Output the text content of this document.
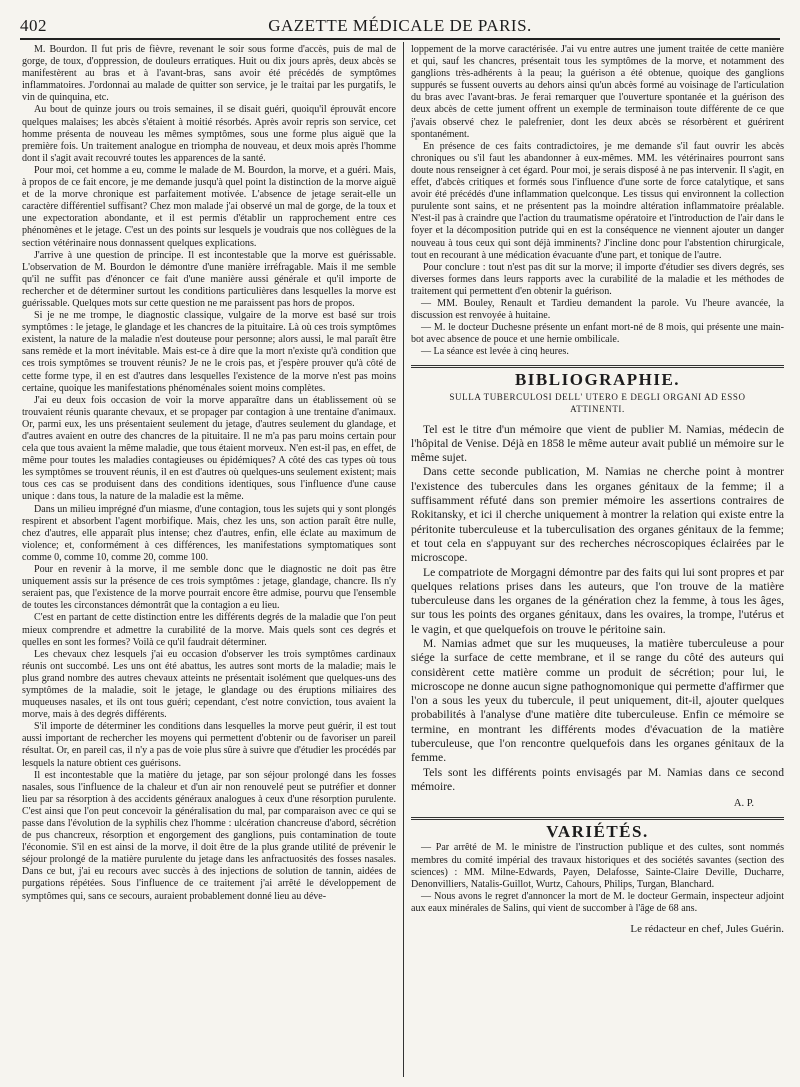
402	GAZETTE MÉDICALE DE PARIS.

M. Bourdon. Il fut pris de fièvre, revenant le soir sous forme d'accès, puis de mal de gorge, de toux, d'oppression, de douleurs erratiques. Huit ou dix jours après, deux abcès se manifestèrent au bras et à l'avant-bras, sans avoir été précédés de symptômes inflammatoires. J'ordonnai au malade de quitter son service, je le traitai par les purgatifs, le vin de quinquina, etc.

Au bout de quinze jours ou trois semaines, il se disait guéri, quoiqu'il éprouvât encore quelques malaises; les abcès s'étaient à moitié résorbés. Après avoir repris son service, cet homme présenta de nouveau les mêmes symptômes, sous une forme plus aiguë que la première fois. Un traitement analogue en triompha de nouveau, et deux mois après l'homme dont il s'agit avait recouvré toutes les apparences de la santé.

Pour moi, cet homme a eu, comme le malade de M. Bourdon, la morve, et a guéri. Mais, à propos de ce fait encore, je me demande jusqu'à quel point la distinction de la morve aiguë et de la morve chronique est parfaitement motivée. L'absence de jetage serait-elle un caractère différentiel suffisant? Chez mon malade j'ai observé un mal de gorge, de la toux et une expectoration abondante, et il est permis d'établir un rapprochement entre ces phénomènes et le jetage. C'est un des points sur lesquels je voudrais que nos collègues de la section vétérinaire nous donnassent quelques explications.

J'arrive à une question de principe. Il est incontestable que la morve est guérissable. L'observation de M. Bourdon le démontre d'une manière irréfragable. Mais il me semble qu'il ne suffit pas d'énoncer ce fait d'une manière aussi générale et qu'il importe de rechercher et de déterminer surtout les conditions particulières dans lesquelles la morve est guérissable. Quelques mots sur cette question ne me paraissent pas hors de propos.

Si je ne me trompe, le diagnostic classique, vulgaire de la morve est basé sur trois symptômes : le jetage, le glandage et les chancres de la pituitaire. Là où ces trois symptômes existent, la nature de la maladie n'est douteuse pour personne; alors aussi, le mal paraît être sans remède et la mort inévitable. Mais est-ce à dire que la mort n'existe qu'à condition que ces trois symptômes se trouvent réunis? Je ne le crois pas, et j'espère prouver qu'à côté de cette forme type, il en est d'autres dans lesquelles l'existence de la morve n'est pas moins certaine, quoique les manifestations phénoménales soient moins complètes.

J'ai eu deux fois occasion de voir la morve apparaître dans un établissement où se trouvaient réunis quarante chevaux, et se propager par contagion à une trentaine d'animaux. Or, parmi eux, les uns présentaient seulement du jetage, d'autres seulement du glandage, et d'autres avaient en outre des chancres de la pituitaire. Il ne m'a pas paru moins certain pour cela que tous avaient la même maladie, que tous étaient morveux. N'en est-il pas, en effet, de même pour toutes les maladies contagieuses ou épidémiques? A côté des cas types où tous les symptômes se trouvent réunis, il en est d'autres où quelques-uns seulement existent; mais tous ces cas se produisent dans des conditions identiques, sous l'influence d'une cause unique : dans tous, la nature de la maladie est la même.

Dans un milieu imprégné d'un miasme, d'une contagion, tous les sujets qui y sont plongés respirent et absorbent l'agent morbifique. Mais, chez les uns, son action paraît être nulle, chez d'autres, elle apparaît plus intense; chez d'autres, enfin, elle éclate au maximum de violence; et, conformément à ces différences, les manifestations symptomatiques sont comme 0, comme 10, comme 20, comme 100.

Pour en revenir à la morve, il me semble donc que le diagnostic ne doit pas être uniquement assis sur la présence de ces trois symptômes : jetage, glandage, chancre. Ils n'y seraient pas, que l'existence de la morve pourrait encore être admise, pourvu que l'ensemble de toutes les circonstances démontrât que la contagion a eu lieu.

C'est en partant de cette distinction entre les différents degrés de la maladie que l'on peut mieux comprendre et admettre la curabilité de la morve. Mais quels sont ces degrés et quelles en sont les formes? Voilà ce qu'il faudrait déterminer.

Les chevaux chez lesquels j'ai eu occasion d'observer les trois symptômes cardinaux réunis ont succombé. Les uns ont été abattus, les autres sont morts de la maladie; mais le plus grand nombre des autres chevaux atteints ne présentait isolément que quelques-uns des symptômes de la maladie, soit le jetage, le glandage ou des éruptions miliaires des muqueuses nasales, et ils ont tous guéri; cependant, c'est notre conviction, tous avaient la morve, mais à des degrés différents.

S'il importe de déterminer les conditions dans lesquelles la morve peut guérir, il est tout aussi important de rechercher les moyens qui permettent d'obtenir ou de favoriser un pareil résultat. Or, en pareil cas, il n'y a pas de voie plus sûre à suivre que d'étudier les procédés par lesquels la nature obtient ces guérisons.

Il est incontestable que la matière du jetage, par son séjour prolongé dans les fosses nasales, sous l'influence de la chaleur et d'un air non renouvelé peut se putréfier et donner lieu par sa résorption à des accidents généraux analogues à ceux d'une résorption purulente. C'est ainsi que l'on peut concevoir la généralisation du mal, par comparaison avec ce qui se passe dans l'évolution de la syphilis chez l'homme : ulcération chancreuse d'abord, sécrétion de pus chancreux, résorption et engorgement des ganglions, puis contamination de toute l'économie. S'il en est ainsi de la morve, il doit être de la plus grande utilité de prévenir le séjour prolongé de la matière purulente du jetage dans les anfractuosités des fosses nasales. Dans ce but, j'ai eu recours avec succès à des injections de solution de tannin, aidées de purgations répétées. Sous l'influence de ce traitement j'ai arrêté le développement de symptômes qui, sans ce secours, auraient probablement donné lieu au déve-

loppement de la morve caractérisée. J'ai vu entre autres une jument traitée de cette manière et qui, sauf les chancres, présentait tous les symptômes de la morve, et notamment des ganglions très-adhérents à la peau; la guérison a été obtenue, quoique des ganglions suppurés se fussent ouverts au dehors ainsi qu'un abcès formé au voisinage de l'articulation du bras avec l'avant-bras. Je ferai remarquer que l'ouverture spontanée et la guérison des deux abcès de cette jument offrent un exemple de terminaison toute différente de ce que j'avais observé chez le palefrenier, dont les deux abcès se résorbèrent et guérirent spontanément.

En présence de ces faits contradictoires, je me demande s'il faut ouvrir les abcès chroniques ou s'il faut les abandonner à eux-mêmes. MM. les vétérinaires pourront sans doute nous renseigner à cet égard. Pour moi, je serais disposé à ne pas intervenir. Il s'agit, en effet, d'abcès critiques et formés sous l'influence d'une sorte de force catalytique, et sans avoir été précédés d'une inflammation quelconque. Les tissus qui environnent la collection purulente sont sains, et ne présentent pas la moindre altération inflammatoire préalable. N'est-il pas à craindre que l'action du traumatisme opératoire et l'introduction de l'air dans le foyer et la décomposition putride qui en est la conséquence ne viennent ajouter un danger nouveau à tous ceux qui sont déjà imminents? J'incline donc pour l'abstention chirurgicale, tout en recourant à une médication évacuante d'une part, et tonique de l'autre.

Pour conclure : tout n'est pas dit sur la morve; il importe d'étudier ses divers degrés, ses diverses formes dans leurs rapports avec la curabilité de la maladie et les méthodes de traitement qui permettent d'en obtenir la guérison.

— MM. Bouley, Renault et Tardieu demandent la parole. Vu l'heure avancée, la discussion est renvoyée à huitaine.

— M. le docteur Duchesne présente un enfant mort-né de 8 mois, qui présente une main-bot avec absence de pouce et une hernie ombilicale.

— La séance est levée à cinq heures.

BIBLIOGRAPHIE.
SULLA TUBERCULOSI DELL' UTERO E DEGLI ORGANI AD ESSO
ATTINENTI.

Tel est le titre d'un mémoire que vient de publier M. Namias, médecin de l'hôpital de Venise. Déjà en 1858 le même auteur avait publié un mémoire sur le même sujet.

Dans cette seconde publication, M. Namias ne cherche point à montrer l'existence des tubercules dans les organes génitaux de la femme; il a suffisamment réfuté dans son premier mémoire les assertions contraires de Rokitansky, et ici il cherche uniquement à montrer la relation qui existe entre la péritonite tuberculeuse et la tuberculisation des organes génitaux de la femme; et tout cela en s'appuyant sur des recherches nécroscopiques éclairées par le microscope.

Le compatriote de Morgagni démontre par des faits qui lui sont propres et par quelques relations prises dans les auteurs, que l'on trouve de la matière tuberculeuse dans les organes de la génération chez la femme, à tous les âges, sur tous les points des organes génitaux, dans les ovaires, la trompe, l'utérus et le vagin, et que quelquefois on trouve le péritoine sain.

M. Namias admet que sur les muqueuses, la matière tuberculeuse a pour siége la surface de cette membrane, et il se range du côté des auteurs qui considèrent cette matière comme un produit de sécrétion; pour lui, le microscope ne donne aucun signe pathognomonique qui permette d'affirmer que l'on a sous les yeux du tubercule, il peut uniquement, dit-il, ajouter quelques probabilités à l'analyse d'une matière dite tuberculeuse. Enfin ce mémoire se termine, en montrant les différents modes d'évacuation de la matière tuberculeuse, que l'on rencontre quelquefois dans les organes génitaux de la femme.

Tels sont les différents points envisagés par M. Namias dans ce second mémoire.

A. P.
VARIÉTÉS.

— Par arrêté de M. le ministre de l'instruction publique et des cultes, sont nommés membres du comité impérial des travaux historiques et des sociétés savantes (section des sciences) : MM. Milne-Edwards, Payen, Delafosse, Sainte-Claire Deville, Ducharre, Denonvilliers, Natalis-Guillot, Wurtz, Cahours, Philips, Turgan, Blanchard.

— Nous avons le regret d'annoncer la mort de M. le docteur Germain, inspecteur adjoint aux eaux minérales de Salins, qui vient de succomber à l'âge de 68 ans.

Le rédacteur en chef, Jules Guérin.
